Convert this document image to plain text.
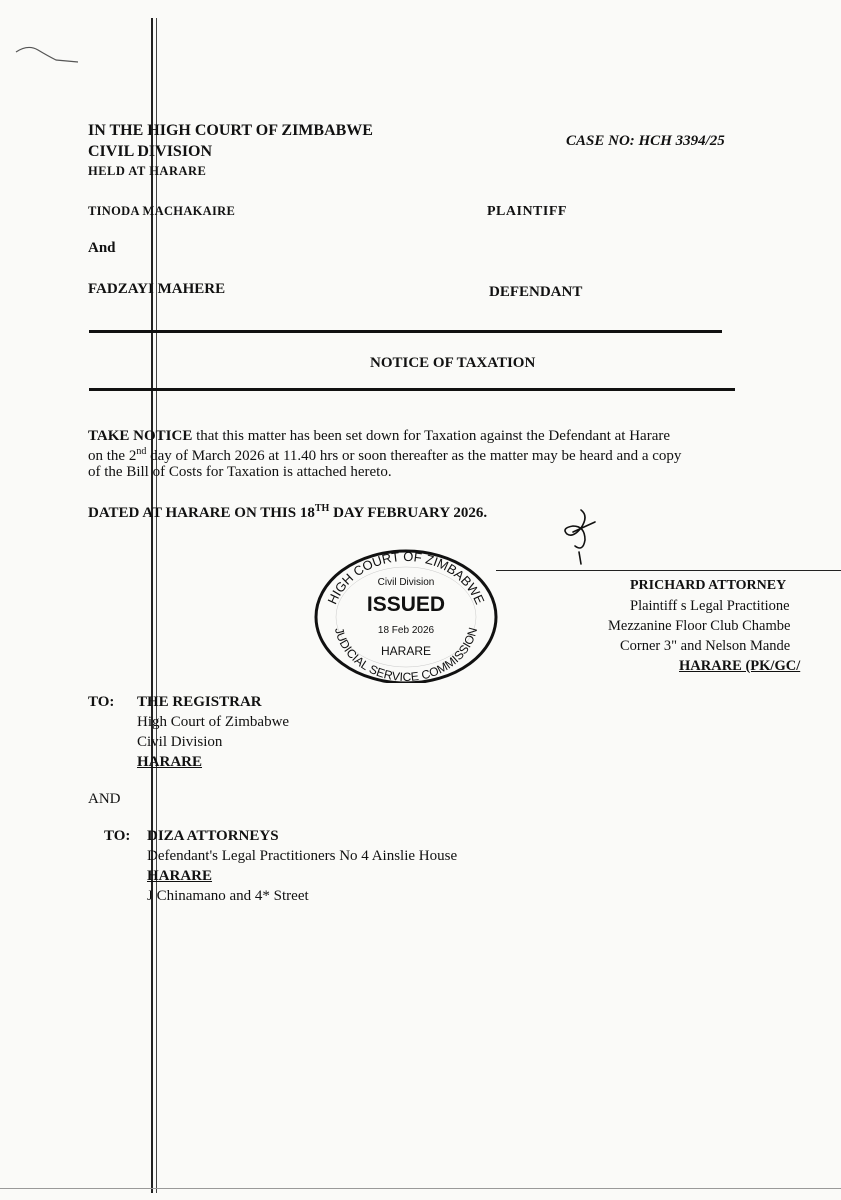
IN THE HIGH COURT OF ZIMBABWE
CIVIL DIVISION
HELD AT HARARE
CASE NO: HCH 3394/25
TINODA MACHAKAIRE	PLAINTIFF
And
FADZAYI MAHERE	DEFENDANT
NOTICE OF TAXATION
TAKE NOTICE that this matter has been set down for Taxation against the Defendant at Harare
on the 2nd day of March 2026 at 11.40 hrs or soon thereafter as the matter may be heard and a copy
of the Bill of Costs for Taxation is attached hereto.
DATED AT HARARE ON THIS 18TH DAY FEBRUARY 2026.
HIGH COURT OF ZIMBABWE
JUDICIAL SERVICE COMMISSION
Civil Division
ISSUED
18 Feb 2026
HARARE
PRICHARD ATTORNEY
Plaintiff s Legal Practitione
Mezzanine Floor Club Chambe
Corner 3" and Nelson Mande
HARARE (PK/GC/
TO: THE REGISTRAR
High Court of Zimbabwe
Civil Division
HARARE
AND
TO: DIZA ATTORNEYS
Defendant's Legal Practitioners No 4 Ainslie House
HARARE
J Chinamano and 4* Street
